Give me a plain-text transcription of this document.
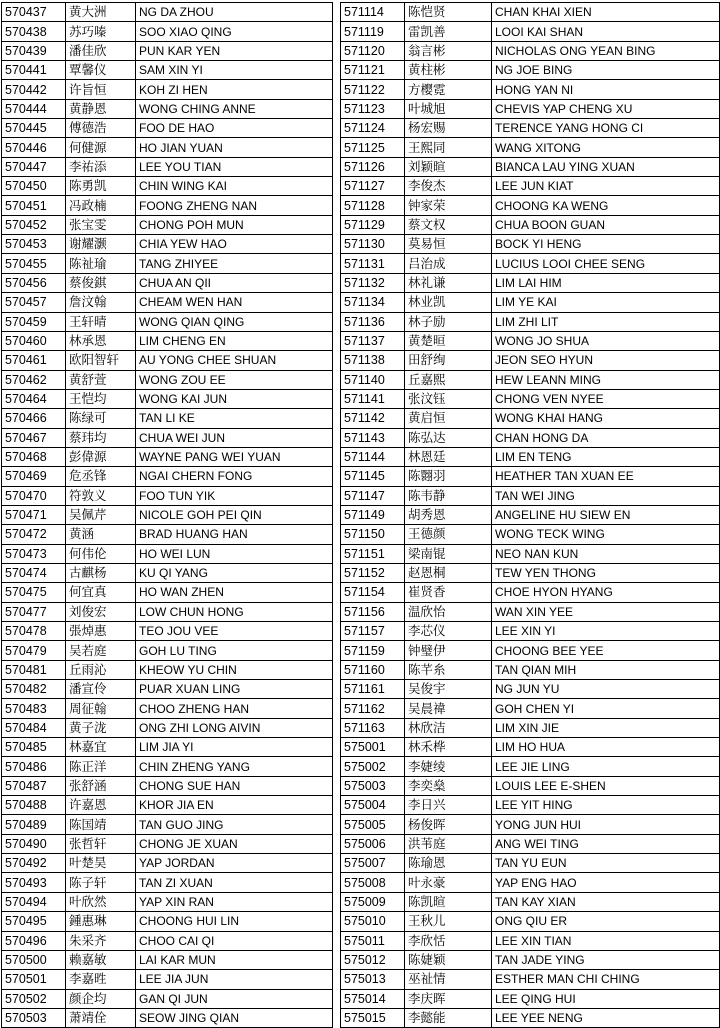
570437	黄大洲	NG DA ZHOU
570438	苏巧嗪	SOO XIAO QING
570439	潘佳欣	PUN KAR YEN
570441	覃馨仪	SAM XIN YI
570442	许旨恒	KOH ZI HEN
570444	黄静恩	WONG CHING ANNE
570445	傅德浩	FOO DE HAO
570446	何健源	HO JIAN YUAN
570447	李祐添	LEE YOU TIAN
570450	陈勇凯	CHIN WING KAI
570451	冯政楠	FOONG ZHENG NAN
570452	张宝雯	CHONG POH MUN
570453	谢耀灏	CHIA YEW HAO
570455	陈祉瑜	TANG ZHIYEE
570456	蔡俊錤	CHUA AN QII
570457	詹汶翰	CHEAM WEN HAN
570459	王轩晴	WONG QIAN QING
570460	林承恩	LIM CHENG EN
570461	欧阳智轩	AU YONG CHEE SHUAN
570462	黄舒萱	WONG ZOU EE
570464	王恺均	WONG KAI JUN
570466	陈绿可	TAN LI KE
570467	蔡玮均	CHUA WEI JUN
570468	彭偉源	WAYNE PANG WEI YUAN
570469	危丞锋	NGAI CHERN FONG
570470	符敦义	FOO TUN YIK
570471	吴佩芹	NICOLE GOH PEI QIN
570472	黄涵	BRAD HUANG HAN
570473	何伟伦	HO WEI LUN
570474	古麒杨	KU QI YANG
570475	何宜真	HO WAN ZHEN
570477	刘俊宏	LOW CHUN HONG
570478	張焯惠	TEO JOU VEE
570479	吴若庭	GOH LU TING
570481	丘雨沁	KHEOW YU CHIN
570482	潘宣伶	PUAR XUAN LING
570483	周征翰	CHOO ZHENG HAN
570484	黄子泷	ONG ZHI LONG AIVIN
570485	林嘉宜	LIM JIA YI
570486	陈正洋	CHIN ZHENG YANG
570487	张舒涵	CHONG SUE HAN
570488	许嘉恩	KHOR JIA EN
570489	陈国靖	TAN GUO JING
570490	张哲轩	CHONG JE XUAN
570492	叶楚昊	YAP JORDAN
570493	陈子轩	TAN ZI XUAN
570494	叶欣然	YAP XIN RAN
570495	鍾惠琳	CHOONG HUI LIN
570496	朱采齐	CHOO CAI QI
570500	赖嘉敏	LAI KAR MUN
570501	李嘉甠	LEE JIA JUN
570502	颜企均	GAN QI JUN
570503	萧靖佺	SEOW JING QIAN
571114	陈恺贤	CHAN KHAI XIEN
571119	雷凯善	LOOI KAI SHAN
571120	翁言彬	NICHOLAS ONG YEAN BING
571121	黄柱彬	NG JOE BING
571122	方樱霓	HONG YAN NI
571123	叶城旭	CHEVIS YAP CHENG XU
571124	杨宏赐	TERENCE YANG HONG CI
571125	王熙同	WANG XITONG
571126	刘颖暄	BIANCA LAU YING XUAN
571127	李俊杰	LEE JUN KIAT
571128	钟家荣	CHOONG KA WENG
571129	蔡文权	CHUA BOON GUAN
571130	莫易恒	BOCK YI HENG
571131	吕治成	LUCIUS LOOI CHEE SENG
571132	林礼谦	LIM LAI HIM
571134	林业凯	LIM YE KAI
571136	林子励	LIM ZHI LIT
571137	黄楚晅	WONG JO SHUA
571138	田舒绚	JEON SEO HYUN
571140	丘嘉熙	HEW LEANN MING
571141	张汶钰	CHONG VEN NYEE
571142	黄启恒	WONG KHAI HANG
571143	陈弘达	CHAN HONG DA
571144	林恩廷	LIM EN TENG
571145	陈翾羽	HEATHER TAN XUAN EE
571147	陈韦静	TAN WEI JING
571149	胡秀恩	ANGELINE HU SIEW EN
571150	王德颜	WONG TECK WING
571151	梁南锟	NEO NAN KUN
571152	赵恩桐	TEW YEN THONG
571154	崔贤香	CHOE HYON HYANG
571156	温欣怡	WAN XIN YEE
571157	李芯仪	LEE XIN YI
571159	钟璧伊	CHOONG BEE YEE
571160	陈芊糸	TAN QIAN MIH
571161	吴俊宇	NG JUN YU
571162	吴晨禕	GOH CHEN YI
571163	林欣洁	LIM XIN JIE
575001	林禾桦	LIM HO HUA
575002	李婕绫	LEE JIE LING
575003	李奕燊	LOUIS LEE E-SHEN
575004	李日兴	LEE YIT HING
575005	杨俊晖	YONG JUN HUI
575006	洪苇庭	ANG WEI TING
575007	陈瑜恩	TAN YU EUN
575008	叶永豪	YAP ENG HAO
575009	陈凯暄	TAN KAY XIAN
575010	王秋儿	ONG QIU ER
575011	李欣恬	LEE XIN TIAN
575012	陈婕颖	TAN JADE YING
575013	巫祉情	ESTHER MAN CHI CHING
575014	李庆晖	LEE QING HUI
575015	李懿能	LEE YEE NENG
